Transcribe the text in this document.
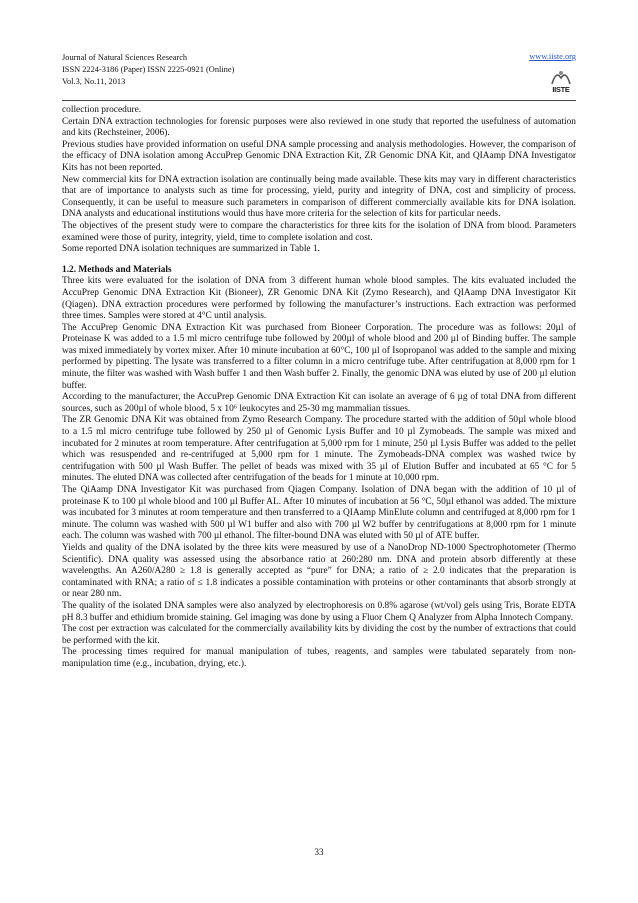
Journal of Natural Sciences Research
ISSN 2224-3186 (Paper) ISSN 2225-0921 (Online)
Vol.3, No.11, 2013
www.iiste.org
IISTE

collection procedure.

Certain DNA extraction technologies for forensic purposes were also reviewed in one study that reported the usefulness of automation and kits (Rechsteiner, 2006).

Previous studies have provided information on useful DNA sample processing and analysis methodologies. However, the comparison of the efficacy of DNA isolation among AccuPrep Genomic DNA Extraction Kit, ZR Genomic DNA Kit, and QIAamp DNA Investigator Kits has not been reported.

New commercial kits for DNA extraction isolation are continually being made available. These kits may vary in different characteristics that are of importance to analysts such as time for processing, yield, purity and integrity of DNA, cost and simplicity of process. Consequently, it can be useful to measure such parameters in comparison of different commercially available kits for DNA isolation. DNA analysts and educational institutions would thus have more criteria for the selection of kits for particular needs.

The objectives of the present study were to compare the characteristics for three kits for the isolation of DNA from blood. Parameters examined were those of purity, integrity, yield, time to complete isolation and cost.

Some reported DNA isolation techniques are summarized in Table 1.

1.2. Methods and Materials

Three kits were evaluated for the isolation of DNA from 3 different human whole blood samples. The kits evaluated included the AccuPrep Genomic DNA Extraction Kit (Bioneer), ZR Genomic DNA Kit (Zymo Research), and QIAamp DNA Investigator Kit (Qiagen). DNA extraction procedures were performed by following the manufacturer’s instructions. Each extraction was performed three times. Samples were stored at 4°C until analysis.

The AccuPrep Genomic DNA Extraction Kit was purchased from Bioneer Corporation. The procedure was as follows: 20µl of Proteinase K was added to a 1.5 ml micro centrifuge tube followed by 200µl of whole blood and 200 µl of Binding buffer. The sample was mixed immediately by vortex mixer. After 10 minute incubation at 60°C, 100 µl of Isopropanol was added to the sample and mixing performed by pipetting. The lysate was transferred to a filter column in a micro centrifuge tube. After centrifugation at 8,000 rpm for 1 minute, the filter was washed with Wash buffer 1 and then Wash buffer 2. Finally, the genomic DNA was eluted by use of 200 µl elution buffer.

According to the manufacturer, the AccuPrep Genomic DNA Extraction Kit can isolate an average of 6 µg of total DNA from different sources, such as 200µl of whole blood, 5 x 10⁶ leukocytes and 25-30 mg mammalian tissues.

The ZR Genomic DNA Kit was obtained from Zymo Research Company. The procedure started with the addition of 50µl whole blood to a 1.5 ml micro centrifuge tube followed by 250 µl of Genomic Lysis Buffer and 10 µl Zymobeads. The sample was mixed and incubated for 2 minutes at room temperature. After centrifugation at 5,000 rpm for 1 minute, 250 µl Lysis Buffer was added to the pellet which was resuspended and re-centrifuged at 5,000 rpm for 1 minute. The Zymobeads-DNA complex was washed twice by centrifugation with 500 µl Wash Buffer. The pellet of beads was mixed with 35 µl of Elution Buffer and incubated at 65 °C for 5 minutes. The eluted DNA was collected after centrifugation of the beads for 1 minute at 10,000 rpm.

The QiAamp DNA Investigator Kit was purchased from Qiagen Company. Isolation of DNA began with the addition of 10 µl of proteinase K to 100 µl whole blood and 100 µl Buffer AL. After 10 minutes of incubation at 56 °C, 50µl ethanol was added. The mixture was incubated for 3 minutes at room temperature and then transferred to a QIAamp MinElute column and centrifuged at 8,000 rpm for 1 minute. The column was washed with 500 µl W1 buffer and also with 700 µl W2 buffer by centrifugations at 8,000 rpm for 1 minute each. The column was washed with 700 µl ethanol. The filter-bound DNA was eluted with 50 µl of ATE buffer.

Yields and quality of the DNA isolated by the three kits were measured by use of a NanoDrop ND-1000 Spectrophotometer (Thermo Scientific). DNA quality was assessed using the absorbance ratio at 260:280 nm. DNA and protein absorb differently at these wavelengths. An A260/A280 ≥ 1.8 is generally accepted as “pure” for DNA; a ratio of ≥ 2.0 indicates that the preparation is contaminated with RNA; a ratio of ≤ 1.8 indicates a possible contamination with proteins or other contaminants that absorb strongly at or near 280 nm.

The quality of the isolated DNA samples were also analyzed by electrophoresis on 0.8% agarose (wt/vol) gels using Tris, Borate EDTA pH 8.3 buffer and ethidium bromide staining. Gel imaging was done by using a Fluor Chem Q Analyzer from Alpha Innotech Company.

The cost per extraction was calculated for the commercially availability kits by dividing the cost by the number of extractions that could be performed with the kit.

The processing times required for manual manipulation of tubes, reagents, and samples were tabulated separately from non-manipulation time (e.g., incubation, drying, etc.).

33
